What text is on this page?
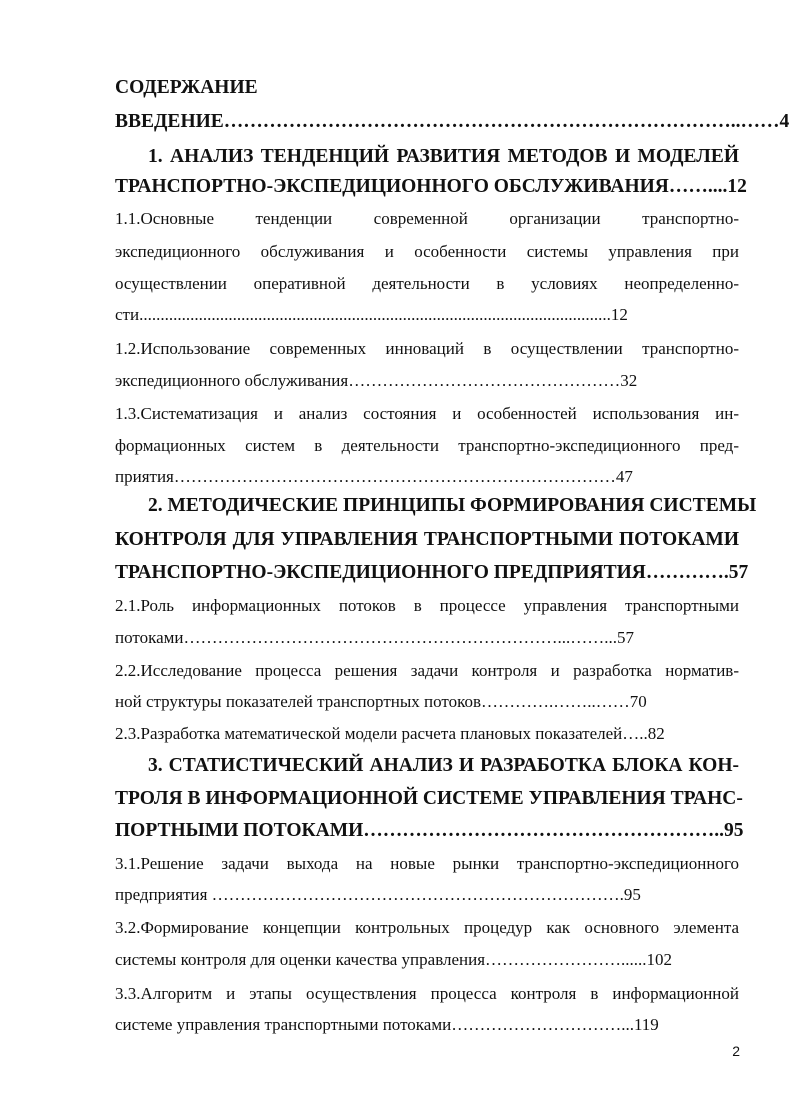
СОДЕРЖАНИЕ
ВВЕДЕНИЕ……………………………………………………………………..……4
1. АНАЛИЗ ТЕНДЕНЦИЙ РАЗВИТИЯ МЕТОДОВ И МОДЕЛЕЙ
ТРАНСПОРТНО-ЭКСПЕДИЦИОННОГО ОБСЛУЖИВАНИЯ……....12
1.1.Основные тенденции современной организации транспортно-
экспедиционного обслуживания и особенности системы управления при
осуществлении оперативной деятельности в условиях неопределенно-
сти...............................................................................................................12
1.2.Использование современных инноваций в осуществлении транспортно-
экспедиционного обслуживания…………………………………………32
1.3.Систематизация и анализ состояния и особенностей использования ин-
формационных систем в деятельности транспортно-экспедиционного пред-
приятия……………………………………………………………………47
2. МЕТОДИЧЕСКИЕ ПРИНЦИПЫ ФОРМИРОВАНИЯ СИСТЕМЫ
КОНТРОЛЯ ДЛЯ УПРАВЛЕНИЯ ТРАНСПОРТНЫМИ ПОТОКАМИ
ТРАНСПОРТНО-ЭКСПЕДИЦИОННОГО ПРЕДПРИЯТИЯ………….57
2.1.Роль информационных потоков в процессе управления транспортными
потоками…………………………………………………………...……...57
2.2.Исследование процесса решения задачи контроля и разработка норматив-
ной структуры показателей транспортных потоков………….……..……70
2.3.Разработка математической модели расчета плановых показателей…..82
3. СТАТИСТИЧЕСКИЙ АНАЛИЗ И РАЗРАБОТКА БЛОКА КОН-
ТРОЛЯ В ИНФОРМАЦИОННОЙ СИСТЕМЕ УПРАВЛЕНИЯ ТРАНС-
ПОРТНЫМИ ПОТОКАМИ………………………………………………..95
3.1.Решение задачи выхода на новые рынки транспортно-экспедиционного
предприятия ……………………………………………………………….95
3.2.Формирование концепции контрольных процедур как основного элемента
системы контроля для оценки качества управления……………………......102
3.3.Алгоритм и этапы осуществления процесса контроля в информационной
системе управления транспортными потоками…………………………...119
2
